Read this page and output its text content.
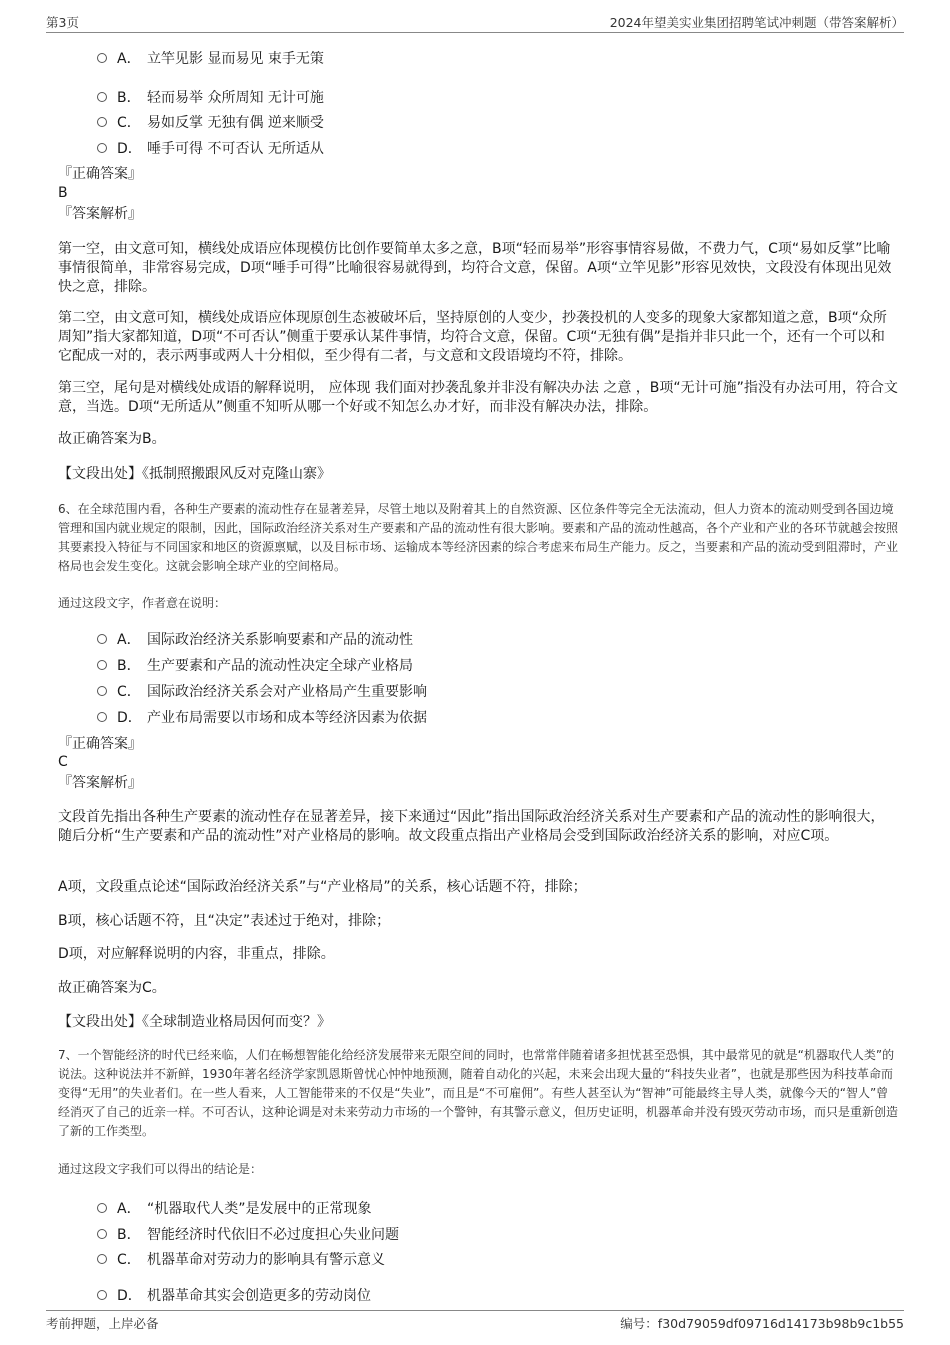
第3页	2024年望美实业集团招聘笔试冲刺题（带答案解析）
A． 立竿见影 显而易见 束手无策
B． 轻而易举 众所周知 无计可施
C． 易如反掌 无独有偶 逆来顺受
D． 唾手可得 不可否认 无所适从
『正确答案』
B
『答案解析』
第一空，由文意可知，横线处成语应体现模仿比创作要简单太多之意，B项“轻而易举”形容事情容易做，不费力气，C项“易如反掌”比喻事情很简单，非常容易完成，D项“唾手可得”比喻很容易就得到，均符合文意，保留。A项“立竿见影”形容见效快，文段没有体现出见效快之意，排除。
第二空，由文意可知，横线处成语应体现原创生态被破坏后，坚持原创的人变少，抄袭投机的人变多的现象大家都知道之意，B项“众所周知”指大家都知道，D项“不可否认”侧重于要承认某件事情，均符合文意，保留。C项“无独有偶”是指并非只此一个，还有一个可以和它配成一对的，表示两事或两人十分相似，至少得有二者，与文意和文段语境均不符，排除。
第三空，尾句是对横线处成语的解释说明， 应体现 我们面对抄袭乱象并非没有解决办法 之意 ，B项“无计可施”指没有办法可用，符合文意，当选。D项“无所适从”侧重不知听从哪一个好或不知怎么办才好，而非没有解决办法，排除。
故正确答案为B。
【文段出处】《抵制照搬跟风反对克隆山寨》
6、在全球范围内看，各种生产要素的流动性存在显著差异，尽管土地以及附着其上的自然资源、区位条件等完全无法流动，但人力资本的流动则受到各国边境管理和国内就业规定的限制，因此，国际政治经济关系对生产要素和产品的流动性有很大影响。要素和产品的流动性越高，各个产业和产业的各环节就越会按照其要素投入特征与不同国家和地区的资源禀赋，以及目标市场、运输成本等经济因素的综合考虑来布局生产能力。反之，当要素和产品的流动受到阻滞时，产业格局也会发生变化。这就会影响全球产业的空间格局。
通过这段文字，作者意在说明：
A． 国际政治经济关系影响要素和产品的流动性
B． 生产要素和产品的流动性决定全球产业格局
C． 国际政治经济关系会对产业格局产生重要影响
D． 产业布局需要以市场和成本等经济因素为依据
『正确答案』
C
『答案解析』
文段首先指出各种生产要素的流动性存在显著差异，接下来通过“因此”指出国际政治经济关系对生产要素和产品的流动性的影响很大，随后分析“生产要素和产品的流动性”对产业格局的影响。故文段重点指出产业格局会受到国际政治经济关系的影响，对应C项。
A项，文段重点论述“国际政治经济关系”与“产业格局”的关系，核心话题不符，排除；
B项，核心话题不符，且“决定”表述过于绝对，排除；
D项，对应解释说明的内容，非重点，排除。
故正确答案为C。
【文段出处】《全球制造业格局因何而变？》
7、一个智能经济的时代已经来临，人们在畅想智能化给经济发展带来无限空间的同时，也常常伴随着诸多担忧甚至恐惧，其中最常见的就是“机器取代人类”的说法。这种说法并不新鲜，1930年著名经济学家凯恩斯曾忧心忡忡地预测，随着自动化的兴起，未来会出现大量的“科技失业者”，也就是那些因为科技革命而变得“无用”的失业者们。在一些人看来，人工智能带来的不仅是“失业”，而且是“不可雇佣”。有些人甚至认为“智神”可能最终主导人类，就像今天的“智人”曾经消灭了自己的近亲一样。不可否认，这种论调是对未来劳动力市场的一个警钟，有其警示意义，但历史证明，机器革命并没有毁灭劳动市场，而只是重新创造了新的工作类型。
通过这段文字我们可以得出的结论是：
A． “机器取代人类”是发展中的正常现象
B． 智能经济时代依旧不必过度担心失业问题
C． 机器革命对劳动力的影响具有警示意义
D． 机器革命其实会创造更多的劳动岗位
考前押题，上岸必备	编号：f30d79059df09716d14173b98b9c1b55
